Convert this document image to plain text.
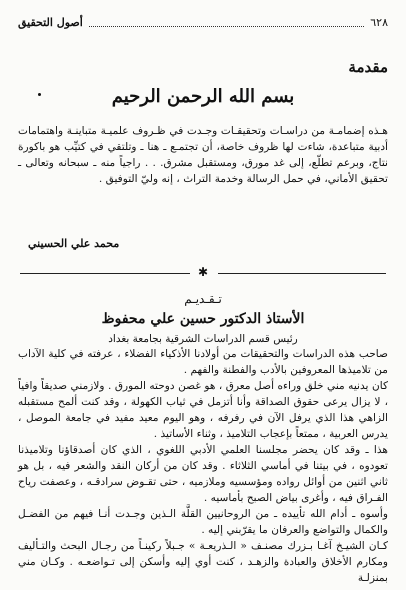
٦٢٨
أصول التحقيق
مقدمة
بسم الله الرحمن الرحيم

هـذه إضمامـة من دراسـات وتحقيقـات وجـدت في ظـروف علميـة متباينـة واهتمامات أدبية متباعدة، شاءت لها ظروف خاصة، أن تجتمـع ـ هنا ـ وتلتقي في كتيِّب هو باكورة نتاج، وبرعم تطلّع، إلى غد مورق، ومستقبل مشرق. . . راجياً منه ـ سبحانه وتعالى ـ تحقيق الأماني، في حمل الرسالة وخدمة التراث ، إنه وليّ التوفيق .

محمد علي الحسيني
✱
تـقـديـم
الأستاذ الدكتور حسين علي محفوظ
رئيس قسم الدراسات الشرقية بجامعة بغداد

صاحب هذه الدراسات والتحقيقات من أولادنا الأذكياء الفضلاء ، عرفته في كلية الآداب من تلاميذها المعروفين بالأدب والفطنة والفهم .

كان يدنيه مني خلق وراءه أصل معرق ، هو غصن دوحته المورق . ولازمني صديقاً وافياً ، لا يزال يرعى حقوق الصداقة وأنا أتزمل في ثياب الكهولة ، وقد كنت ألمح مستقبله الزاهي هذا الذي يرفل الآن في رفرفه ، وهو اليوم معيد مفيد في جامعة الموصل ، يدرس العربية ، ممتعاً بإعجاب التلاميذ ، وثناء الأساتيذ .

هذا ـ وقد كان يحضر مجلسنا العلمي الأدبي اللغوي ، الذي كان أصدقاؤنا وتلاميذنا تعودوه ، في بيتنا في أماسي الثلاثاء . وقد كان من أركان النقد والشعر فيه ، بل هو ثاني اثنين من أوائل رواده ومؤسسيه وملازميه ، حتى تقـوض سرادقـه ، وعصفت رياح الفـراق فيه ، وأغرى بياض الصبح بأماسيه .

وأسوه ـ أدام الله تأييده ـ من الروحانيين القلَّة الـذين وجـدت أنـا فيهم من الفضـل والكمال والتواضع والعرفان ما يقرّبني إليه .

كـان الشيـخ آغـا بـزرك مصنـف « الـذريعـة » جـبلاً ركينـاً من رجـال البحث والتـأليف ومكارم الأخلاق والعبادة والزهـد ، كنت أوي إليه وأسكن إلى تـواضعـه . وكـان مني بمنزلـة
